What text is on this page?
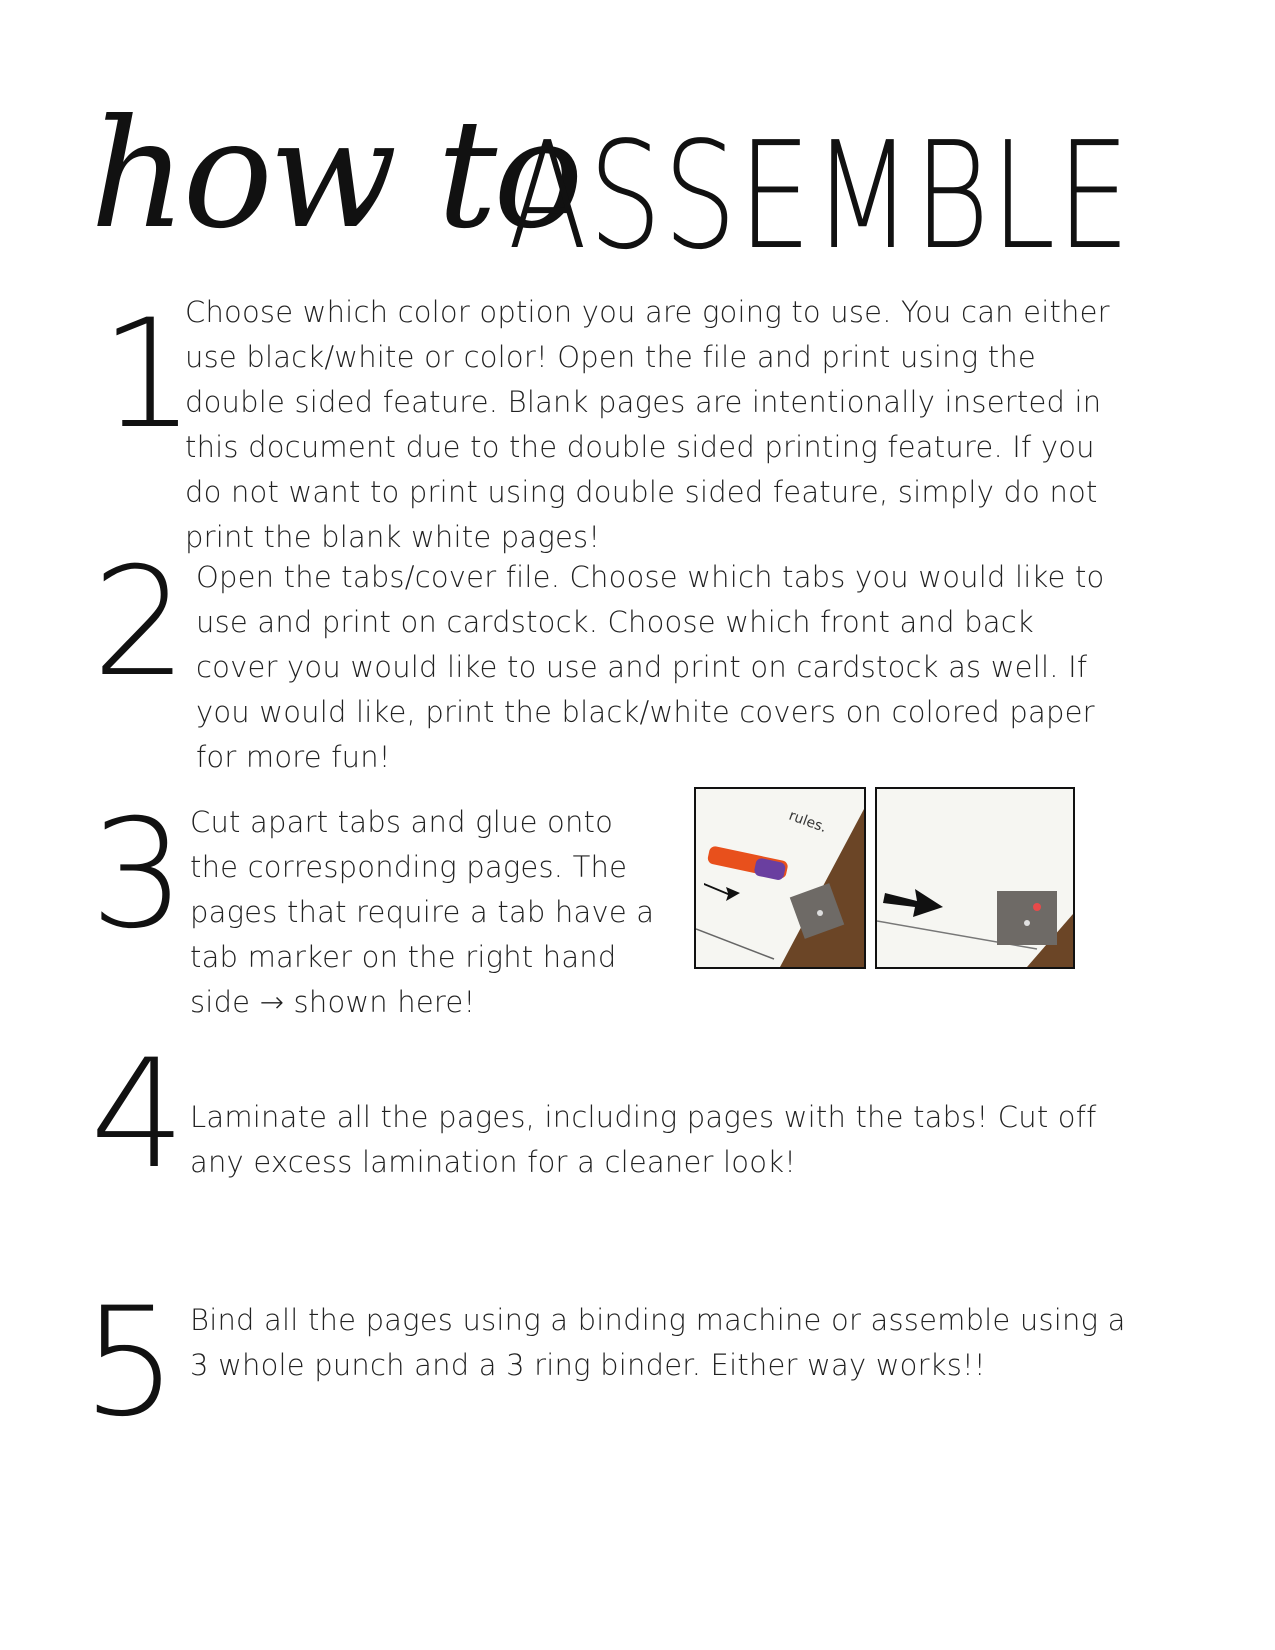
how to
ASSEMBLE
1
Choose which color option you are going to use. You can either use black/white or color! Open the file and print using the double sided feature. Blank pages are intentionally inserted in this document due to the double sided printing feature. If you do not want to print using double sided feature, simply do not print the blank white pages!
2 Open the tabs/cover file. Choose which tabs you would like to use and print on cardstock. Choose which front and back cover you would like to use and print on cardstock as well. If you would like, print the black/white covers on colored paper for more fun!
3 Cut apart tabs and glue onto the corresponding pages. The pages that require a tab have a tab marker on the right hand side → shown here!
rules.
4 Laminate all the pages, including pages with the tabs! Cut off any excess lamination for a cleaner look!
5 Bind all the pages using a binding machine or assemble using a 3 whole punch and a 3 ring binder. Either way works!!
